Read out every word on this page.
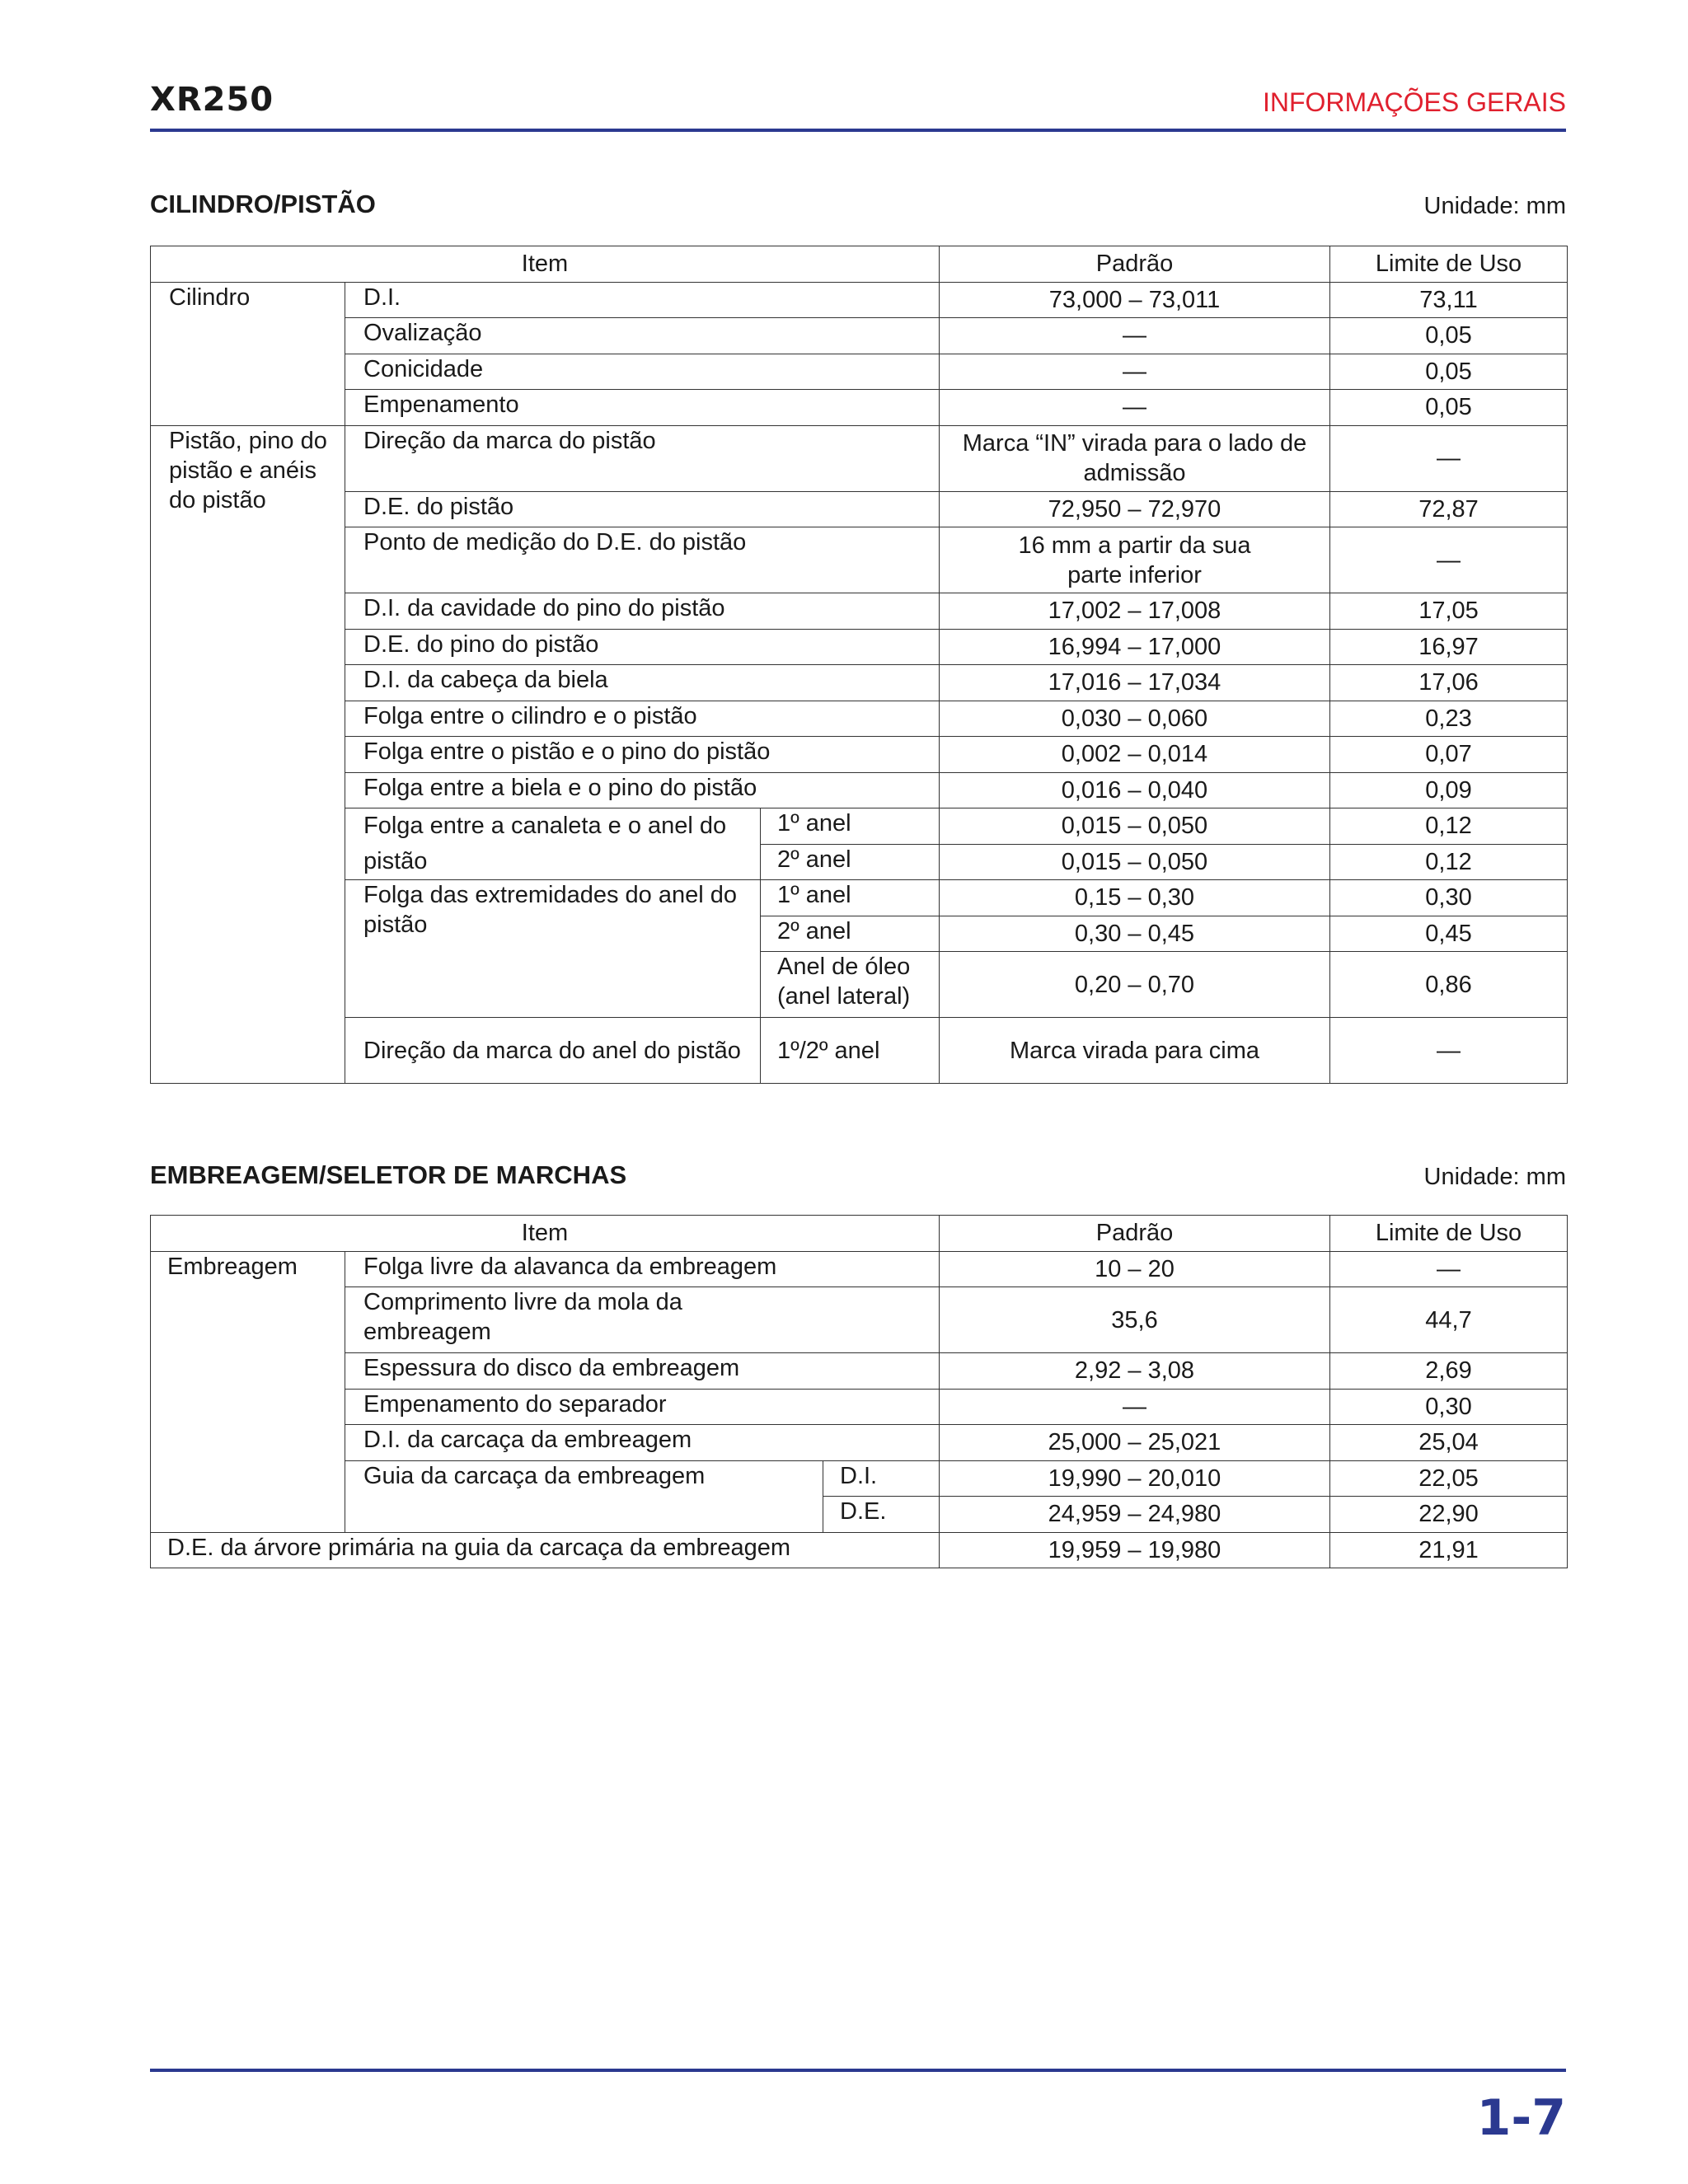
XR250	INFORMAÇÕES GERAIS
CILINDRO/PISTÃO	Unidade: mm
Item			Padrão	Limite de Uso
Cilindro	D.I.		73,000 – 73,011	73,11
	Ovalização		—	0,05
	Conicidade		—	0,05
	Empenamento		—	0,05
Pistão, pino do pistão e anéis do pistão	Direção da marca do pistão		Marca “IN” virada para o lado de admissão	—
	D.E. do pistão		72,950 – 72,970	72,87
	Ponto de medição do D.E. do pistão		16 mm a partir da sua parte inferior	—
	D.I. da cavidade do pino do pistão		17,002 – 17,008	17,05
	D.E. do pino do pistão		16,994 – 17,000	16,97
	D.I. da cabeça da biela		17,016 – 17,034	17,06
	Folga entre o cilindro e o pistão		0,030 – 0,060	0,23
	Folga entre o pistão e o pino do pistão		0,002 – 0,014	0,07
	Folga entre a biela e o pino do pistão		0,016 – 0,040	0,09
	Folga entre a canaleta e o anel do pistão	1º anel	0,015 – 0,050	0,12
		2º anel	0,015 – 0,050	0,12
	Folga das extremidades do anel do pistão	1º anel	0,15 – 0,30	0,30
		2º anel	0,30 – 0,45	0,45
		Anel de óleo (anel lateral)	0,20 – 0,70	0,86
	Direção da marca do anel do pistão	1º/2º anel	Marca virada para cima	—
EMBREAGEM/SELETOR DE MARCHAS	Unidade: mm
Item			Padrão	Limite de Uso
Embreagem	Folga livre da alavanca da embreagem		10 – 20	—
	Comprimento livre da mola da embreagem		35,6	44,7
	Espessura do disco da embreagem		2,92 – 3,08	2,69
	Empenamento do separador		—	0,30
	D.I. da carcaça da embreagem		25,000 – 25,021	25,04
	Guia da carcaça da embreagem	D.I.	19,990 – 20,010	22,05
		D.E.	24,959 – 24,980	22,90
D.E. da árvore primária na guia da carcaça da embreagem			19,959 – 19,980	21,91
1-7
